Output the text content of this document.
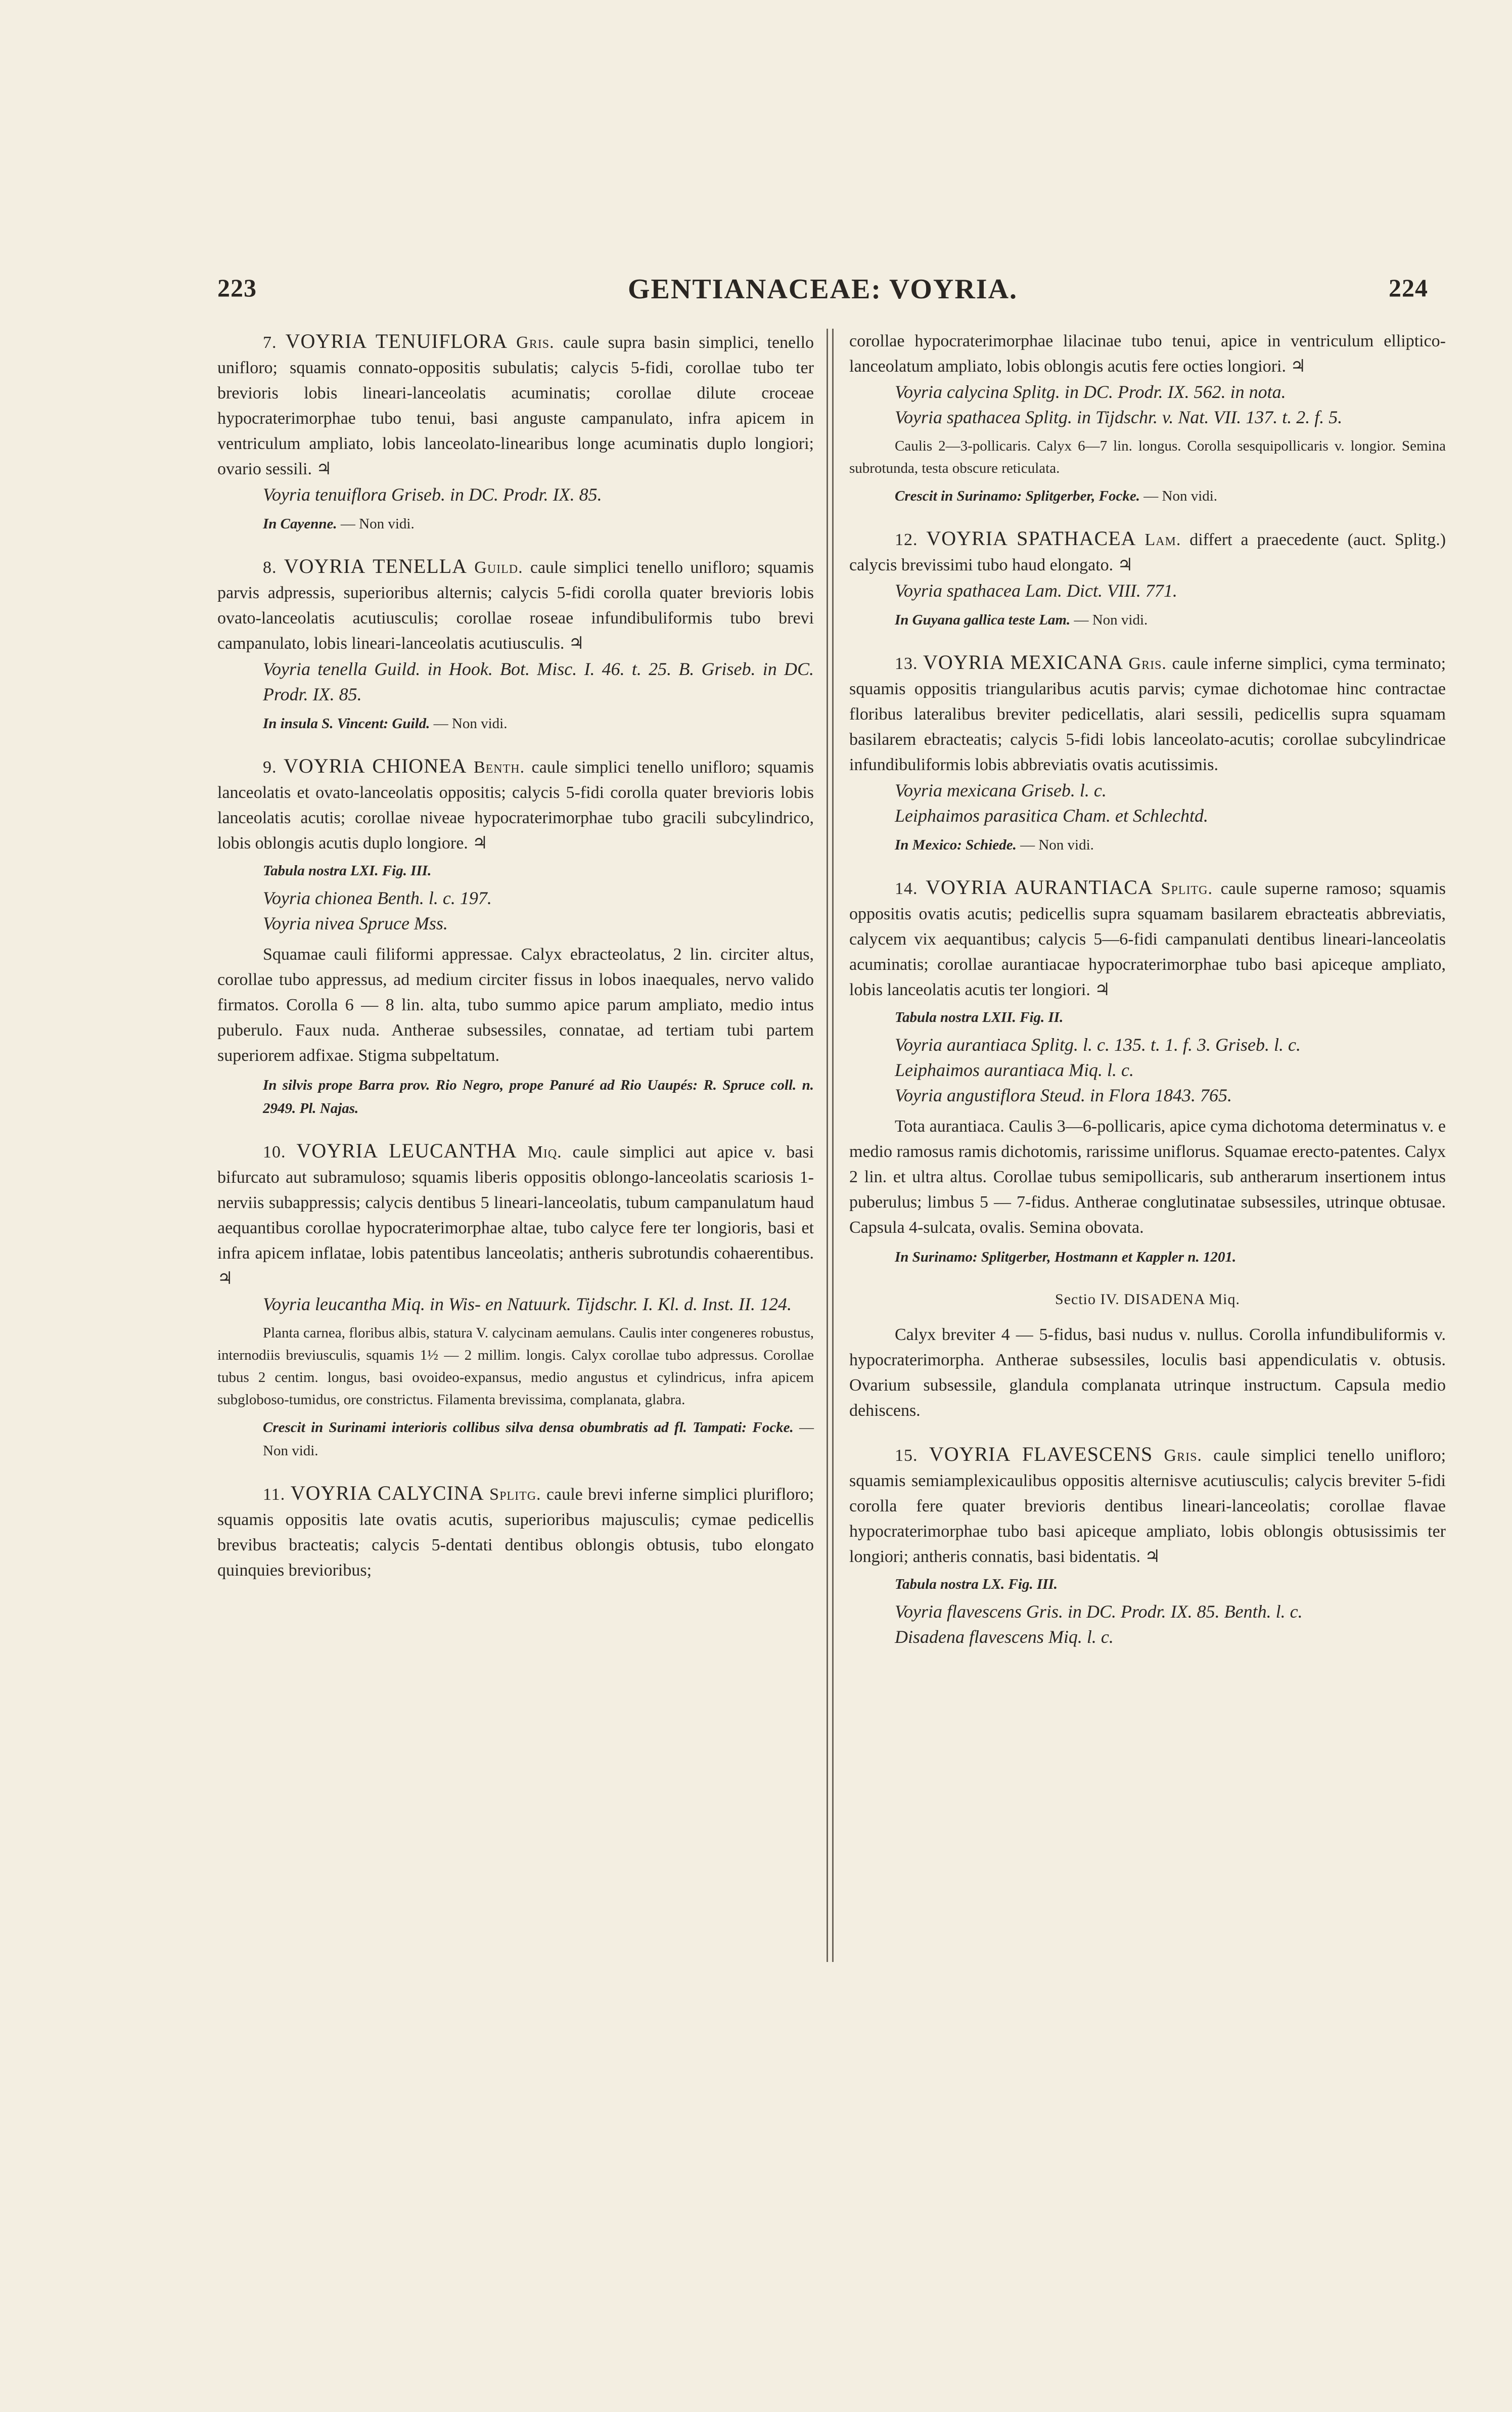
223	GENTIANACEAE: VOYRIA.	224

7. VOYRIA TENUIFLORA Gris. caule supra basin simplici, tenello unifloro; squamis connato-oppositis subulatis; calycis 5-fidi, corollae tubo ter brevioris lobis lineari-lanceolatis acuminatis; corollae dilute croceae hypocraterimorphae tubo tenui, basi anguste campanulato, infra apicem in ventriculum ampliato, lobis lanceolato-linearibus longe acuminatis duplo longiori; ovario sessili. ♃

Voyria tenuiflora Griseb. in DC. Prodr. IX. 85.

In Cayenne. — Non vidi.

8. VOYRIA TENELLA Guild. caule simplici tenello unifloro; squamis parvis adpressis, superioribus alternis; calycis 5-fidi corolla quater brevioris lobis ovato-lanceolatis acutiusculis; corollae roseae infundibuliformis tubo brevi campanulato, lobis lineari-lanceolatis acutiusculis. ♃

Voyria tenella Guild. in Hook. Bot. Misc. I. 46. t. 25. B. Griseb. in DC. Prodr. IX. 85.

In insula S. Vincent: Guild. — Non vidi.

9. VOYRIA CHIONEA Benth. caule simplici tenello unifloro; squamis lanceolatis et ovato-lanceolatis oppositis; calycis 5-fidi corolla quater brevioris lobis lanceolatis acutis; corollae niveae hypocraterimorphae tubo gracili subcylindrico, lobis oblongis acutis duplo longiore. ♃

Tabula nostra LXI. Fig. III.

Voyria chionea Benth. l. c. 197.

Voyria nivea Spruce Mss.

Squamae cauli filiformi appressae. Calyx ebracteolatus, 2 lin. circiter altus, corollae tubo appressus, ad medium circiter fissus in lobos inaequales, nervo valido firmatos. Corolla 6 — 8 lin. alta, tubo summo apice parum ampliato, medio intus puberulo. Faux nuda. Antherae subsessiles, connatae, ad tertiam tubi partem superiorem adfixae. Stigma subpeltatum.

In silvis prope Barra prov. Rio Negro, prope Panuré ad Rio Uaupés: R. Spruce coll. n. 2949. Pl. Najas.

10. VOYRIA LEUCANTHA Miq. caule simplici aut apice v. basi bifurcato aut subramuloso; squamis liberis oppositis oblongo-lanceolatis scariosis 1-nerviis subappressis; calycis dentibus 5 lineari-lanceolatis, tubum campanulatum haud aequantibus corollae hypocraterimorphae altae, tubo calyce fere ter longioris, basi et infra apicem inflatae, lobis patentibus lanceolatis; antheris subrotundis cohaerentibus. ♃

Voyria leucantha Miq. in Wis- en Natuurk. Tijdschr. I. Kl. d. Inst. II. 124.

Planta carnea, floribus albis, statura V. calycinam aemulans. Caulis inter congeneres robustus, internodiis breviusculis, squamis 1½ — 2 millim. longis. Calyx corollae tubo adpressus. Corollae tubus 2 centim. longus, basi ovoideo-expansus, medio angustus et cylindricus, infra apicem subgloboso-tumidus, ore constrictus. Filamenta brevissima, complanata, glabra.

Crescit in Surinami interioris collibus silva densa obumbratis ad fl. Tampati: Focke. — Non vidi.

11. VOYRIA CALYCINA Splitg. caule brevi inferne simplici plurifloro; squamis oppositis late ovatis acutis, superioribus majusculis; cymae pedicellis brevibus bracteatis; calycis 5-dentati dentibus oblongis obtusis, tubo elongato quinquies brevioribus;

corollae hypocraterimorphae lilacinae tubo tenui, apice in ventriculum elliptico-lanceolatum ampliato, lobis oblongis acutis fere octies longiori. ♃

Voyria calycina Splitg. in DC. Prodr. IX. 562. in nota.

Voyria spathacea Splitg. in Tijdschr. v. Nat. VII. 137. t. 2. f. 5.

Caulis 2—3-pollicaris. Calyx 6—7 lin. longus. Corolla sesquipollicaris v. longior. Semina subrotunda, testa obscure reticulata.

Crescit in Surinamo: Splitgerber, Focke. — Non vidi.

12. VOYRIA SPATHACEA Lam. differt a praecedente (auct. Splitg.) calycis brevissimi tubo haud elongato. ♃

Voyria spathacea Lam. Dict. VIII. 771.

In Guyana gallica teste Lam. — Non vidi.

13. VOYRIA MEXICANA Gris. caule inferne simplici, cyma terminato; squamis oppositis triangularibus acutis parvis; cymae dichotomae hinc contractae floribus lateralibus breviter pedicellatis, alari sessili, pedicellis supra squamam basilarem ebracteatis; calycis 5-fidi lobis lanceolato-acutis; corollae subcylindricae infundibuliformis lobis abbreviatis ovatis acutissimis.

Voyria mexicana Griseb. l. c.

Leiphaimos parasitica Cham. et Schlechtd.

In Mexico: Schiede. — Non vidi.

14. VOYRIA AURANTIACA Splitg. caule superne ramoso; squamis oppositis ovatis acutis; pedicellis supra squamam basilarem ebracteatis abbreviatis, calycem vix aequantibus; calycis 5—6-fidi campanulati dentibus lineari-lanceolatis acuminatis; corollae aurantiacae hypocraterimorphae tubo basi apiceque ampliato, lobis lanceolatis acutis ter longiori. ♃

Tabula nostra LXII. Fig. II.

Voyria aurantiaca Splitg. l. c. 135. t. 1. f. 3. Griseb. l. c.

Leiphaimos aurantiaca Miq. l. c.

Voyria angustiflora Steud. in Flora 1843. 765.

Tota aurantiaca. Caulis 3—6-pollicaris, apice cyma dichotoma determinatus v. e medio ramosus ramis dichotomis, rarissime uniflorus. Squamae erecto-patentes. Calyx 2 lin. et ultra altus. Corollae tubus semipollicaris, sub antherarum insertionem intus puberulus; limbus 5 — 7-fidus. Antherae conglutinatae subsessiles, utrinque obtusae. Capsula 4-sulcata, ovalis. Semina obovata.

In Surinamo: Splitgerber, Hostmann et Kappler n. 1201.

Sectio IV. DISADENA Miq.

Calyx breviter 4 — 5-fidus, basi nudus v. nullus. Corolla infundibuliformis v. hypocraterimorpha. Antherae subsessiles, loculis basi appendiculatis v. obtusis. Ovarium subsessile, glandula complanata utrinque instructum. Capsula medio dehiscens.

15. VOYRIA FLAVESCENS Gris. caule simplici tenello unifloro; squamis semiamplexicaulibus oppositis alternisve acutiusculis; calycis breviter 5-fidi corolla fere quater brevioris dentibus lineari-lanceolatis; corollae flavae hypocraterimorphae tubo basi apiceque ampliato, lobis oblongis obtusissimis ter longiori; antheris connatis, basi bidentatis. ♃

Tabula nostra LX. Fig. III.

Voyria flavescens Gris. in DC. Prodr. IX. 85. Benth. l. c.

Disadena flavescens Miq. l. c.
